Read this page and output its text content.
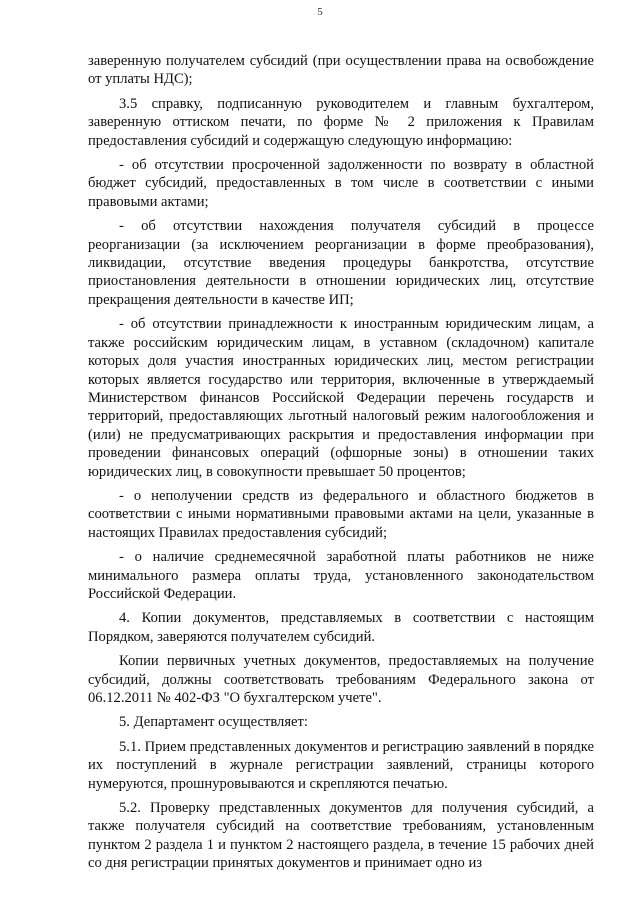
5

заверенную получателем субсидий (при осуществлении права на освобождение от уплаты НДС);

3.5 справку, подписанную руководителем и главным бухгалтером, заверенную оттиском печати, по форме № 2 приложения к Правилам предоставления субсидий и содержащую следующую информацию:

- об отсутствии просроченной задолженности по возврату в областной бюджет субсидий, предоставленных в том числе в соответствии с иными правовыми актами;

- об отсутствии нахождения получателя субсидий в процессе реорганизации (за исключением реорганизации в форме преобразования), ликвидации, отсутствие введения процедуры банкротства, отсутствие приостановления деятельности в отношении юридических лиц, отсутствие прекращения деятельности в качестве ИП;

- об отсутствии принадлежности к иностранным юридическим лицам, а также российским юридическим лицам, в уставном (складочном) капитале которых доля участия иностранных юридических лиц, местом регистрации которых является государство или территория, включенные в утверждаемый Министерством финансов Российской Федерации перечень государств и территорий, предоставляющих льготный налоговый режим налогообложения и (или) не предусматривающих раскрытия и предоставления информации при проведении финансовых операций (офшорные зоны) в отношении таких юридических лиц, в совокупности превышает 50 процентов;

- о неполучении средств из федерального и областного бюджетов в соответствии с иными нормативными правовыми актами на цели, указанные в настоящих Правилах предоставления субсидий;

- о наличие среднемесячной заработной платы работников не ниже минимального размера оплаты труда, установленного законодательством Российской Федерации.

4. Копии документов, представляемых в соответствии с настоящим Порядком, заверяются получателем субсидий.

Копии первичных учетных документов, предоставляемых на получение субсидий, должны соответствовать требованиям Федерального закона от 06.12.2011 № 402-ФЗ "О бухгалтерском учете".

5. Департамент осуществляет:

5.1. Прием представленных документов и регистрацию заявлений в порядке их поступлений в журнале регистрации заявлений, страницы которого нумеруются, прошнуровываются и скрепляются печатью.

5.2. Проверку представленных документов для получения субсидий, а также получателя субсидий на соответствие требованиям, установленным пунктом 2 раздела 1 и пунктом 2 настоящего раздела, в течение 15 рабочих дней со дня регистрации принятых документов и принимает одно из
